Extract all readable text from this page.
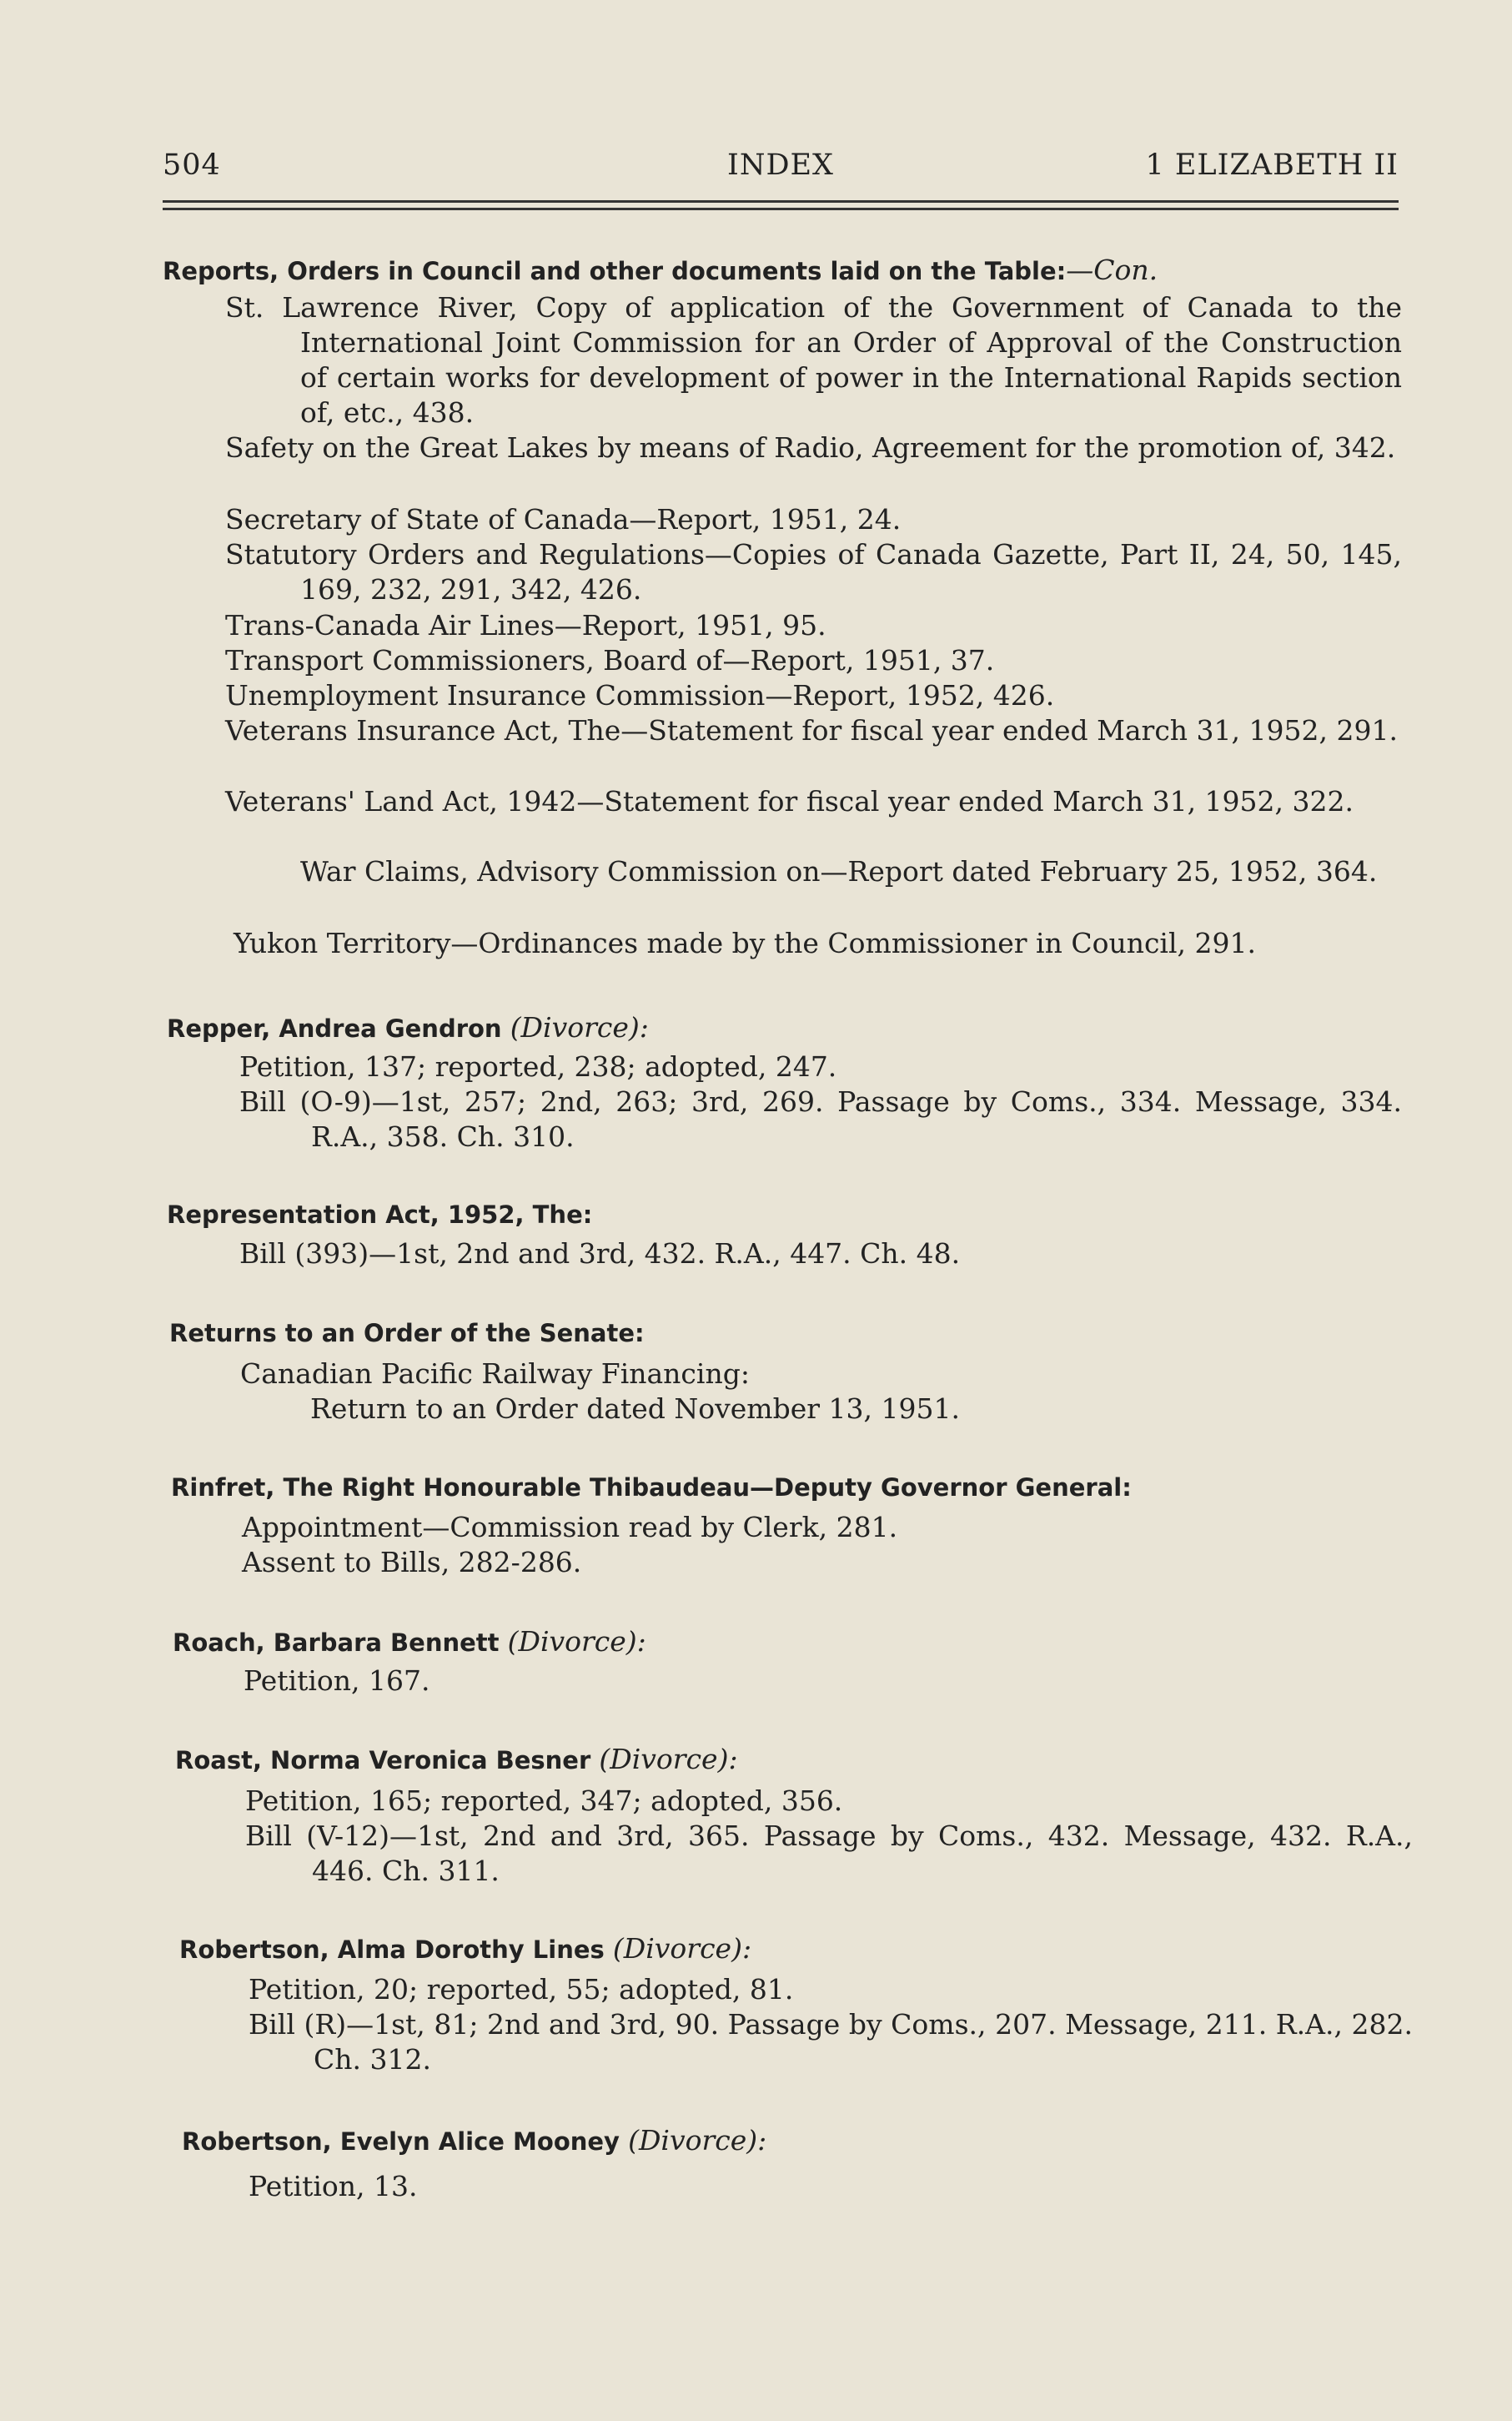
504	INDEX	1 ELIZABETH II
Reports, Orders in Council and other documents laid on the Table:—Con.
St. Lawrence River, Copy of application of the Government of Canada to the International Joint Commission for an Order of Approval of the Construction of certain works for development of power in the International Rapids section of, etc., 438.
Safety on the Great Lakes by means of Radio, Agreement for the promotion of, 342.
Secretary of State of Canada—Report, 1951, 24.
Statutory Orders and Regulations—Copies of Canada Gazette, Part II, 24, 50, 145, 169, 232, 291, 342, 426.
Trans-Canada Air Lines—Report, 1951, 95.
Transport Commissioners, Board of—Report, 1951, 37.
Unemployment Insurance Commission—Report, 1952, 426.
Veterans Insurance Act, The—Statement for fiscal year ended March 31, 1952, 291.
Veterans' Land Act, 1942—Statement for fiscal year ended March 31, 1952, 322.
War Claims, Advisory Commission on—Report dated February 25, 1952, 364.
Yukon Territory—Ordinances made by the Commissioner in Council, 291.
Repper, Andrea Gendron (Divorce):
Petition, 137; reported, 238; adopted, 247.
Bill (O-9)—1st, 257; 2nd, 263; 3rd, 269. Passage by Coms., 334. Message, 334. R.A., 358. Ch. 310.
Representation Act, 1952, The:
Bill (393)—1st, 2nd and 3rd, 432. R.A., 447. Ch. 48.
Returns to an Order of the Senate:
Canadian Pacific Railway Financing:
Return to an Order dated November 13, 1951.
Rinfret, The Right Honourable Thibaudeau—Deputy Governor General:
Appointment—Commission read by Clerk, 281.
Assent to Bills, 282-286.
Roach, Barbara Bennett (Divorce):
Petition, 167.
Roast, Norma Veronica Besner (Divorce):
Petition, 165; reported, 347; adopted, 356.
Bill (V-12)—1st, 2nd and 3rd, 365. Passage by Coms., 432. Message, 432. R.A., 446. Ch. 311.
Robertson, Alma Dorothy Lines (Divorce):
Petition, 20; reported, 55; adopted, 81.
Bill (R)—1st, 81; 2nd and 3rd, 90. Passage by Coms., 207. Message, 211. R.A., 282. Ch. 312.
Robertson, Evelyn Alice Mooney (Divorce):
Petition, 13.
